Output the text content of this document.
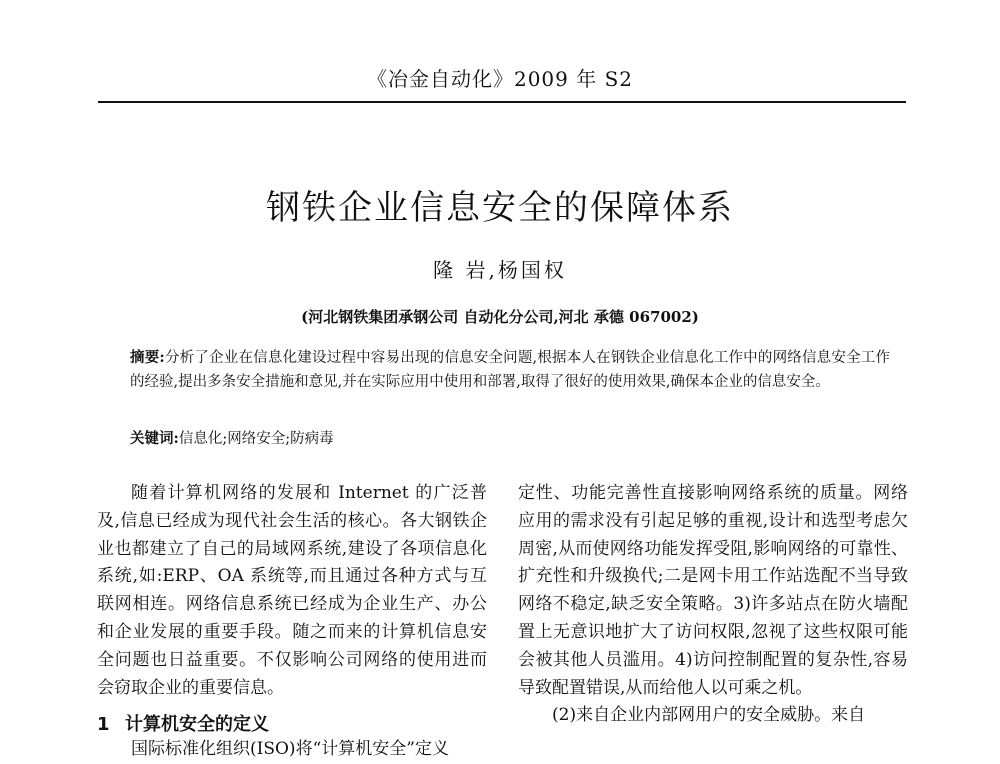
《冶金自动化》2009 年 S2
钢铁企业信息安全的保障体系
隆 岩,杨国权
(河北钢铁集团承钢公司 自动化分公司,河北 承德 067002)
摘要:分析了企业在信息化建设过程中容易出现的信息安全问题,根据本人在钢铁企业信息化工作中的网络信息安全工作的经验,提出多条安全措施和意见,并在实际应用中使用和部署,取得了很好的使用效果,确保本企业的信息安全。
关键词:信息化;网络安全;防病毒

随着计算机网络的发展和 Internet 的广泛普及,信息已经成为现代社会生活的核心。各大钢铁企业也都建立了自己的局域网系统,建设了各项信息化系统,如:ERP、OA 系统等,而且通过各种方式与互联网相连。网络信息系统已经成为企业生产、办公和企业发展的重要手段。随之而来的计算机信息安全问题也日益重要。不仅影响公司网络的使用进而会窃取企业的重要信息。

1 计算机安全的定义
国际标准化组织(ISO)将“计算机安全”定义

定性、功能完善性直接影响网络系统的质量。网络应用的需求没有引起足够的重视,设计和选型考虑欠周密,从而使网络功能发挥受阻,影响网络的可靠性、扩充性和升级换代;二是网卡用工作站选配不当导致网络不稳定,缺乏安全策略。3)许多站点在防火墙配置上无意识地扩大了访问权限,忽视了这些权限可能会被其他人员滥用。4)访问控制配置的复杂性,容易导致配置错误,从而给他人以可乘之机。

(2)来自企业内部网用户的安全威胁。来自
